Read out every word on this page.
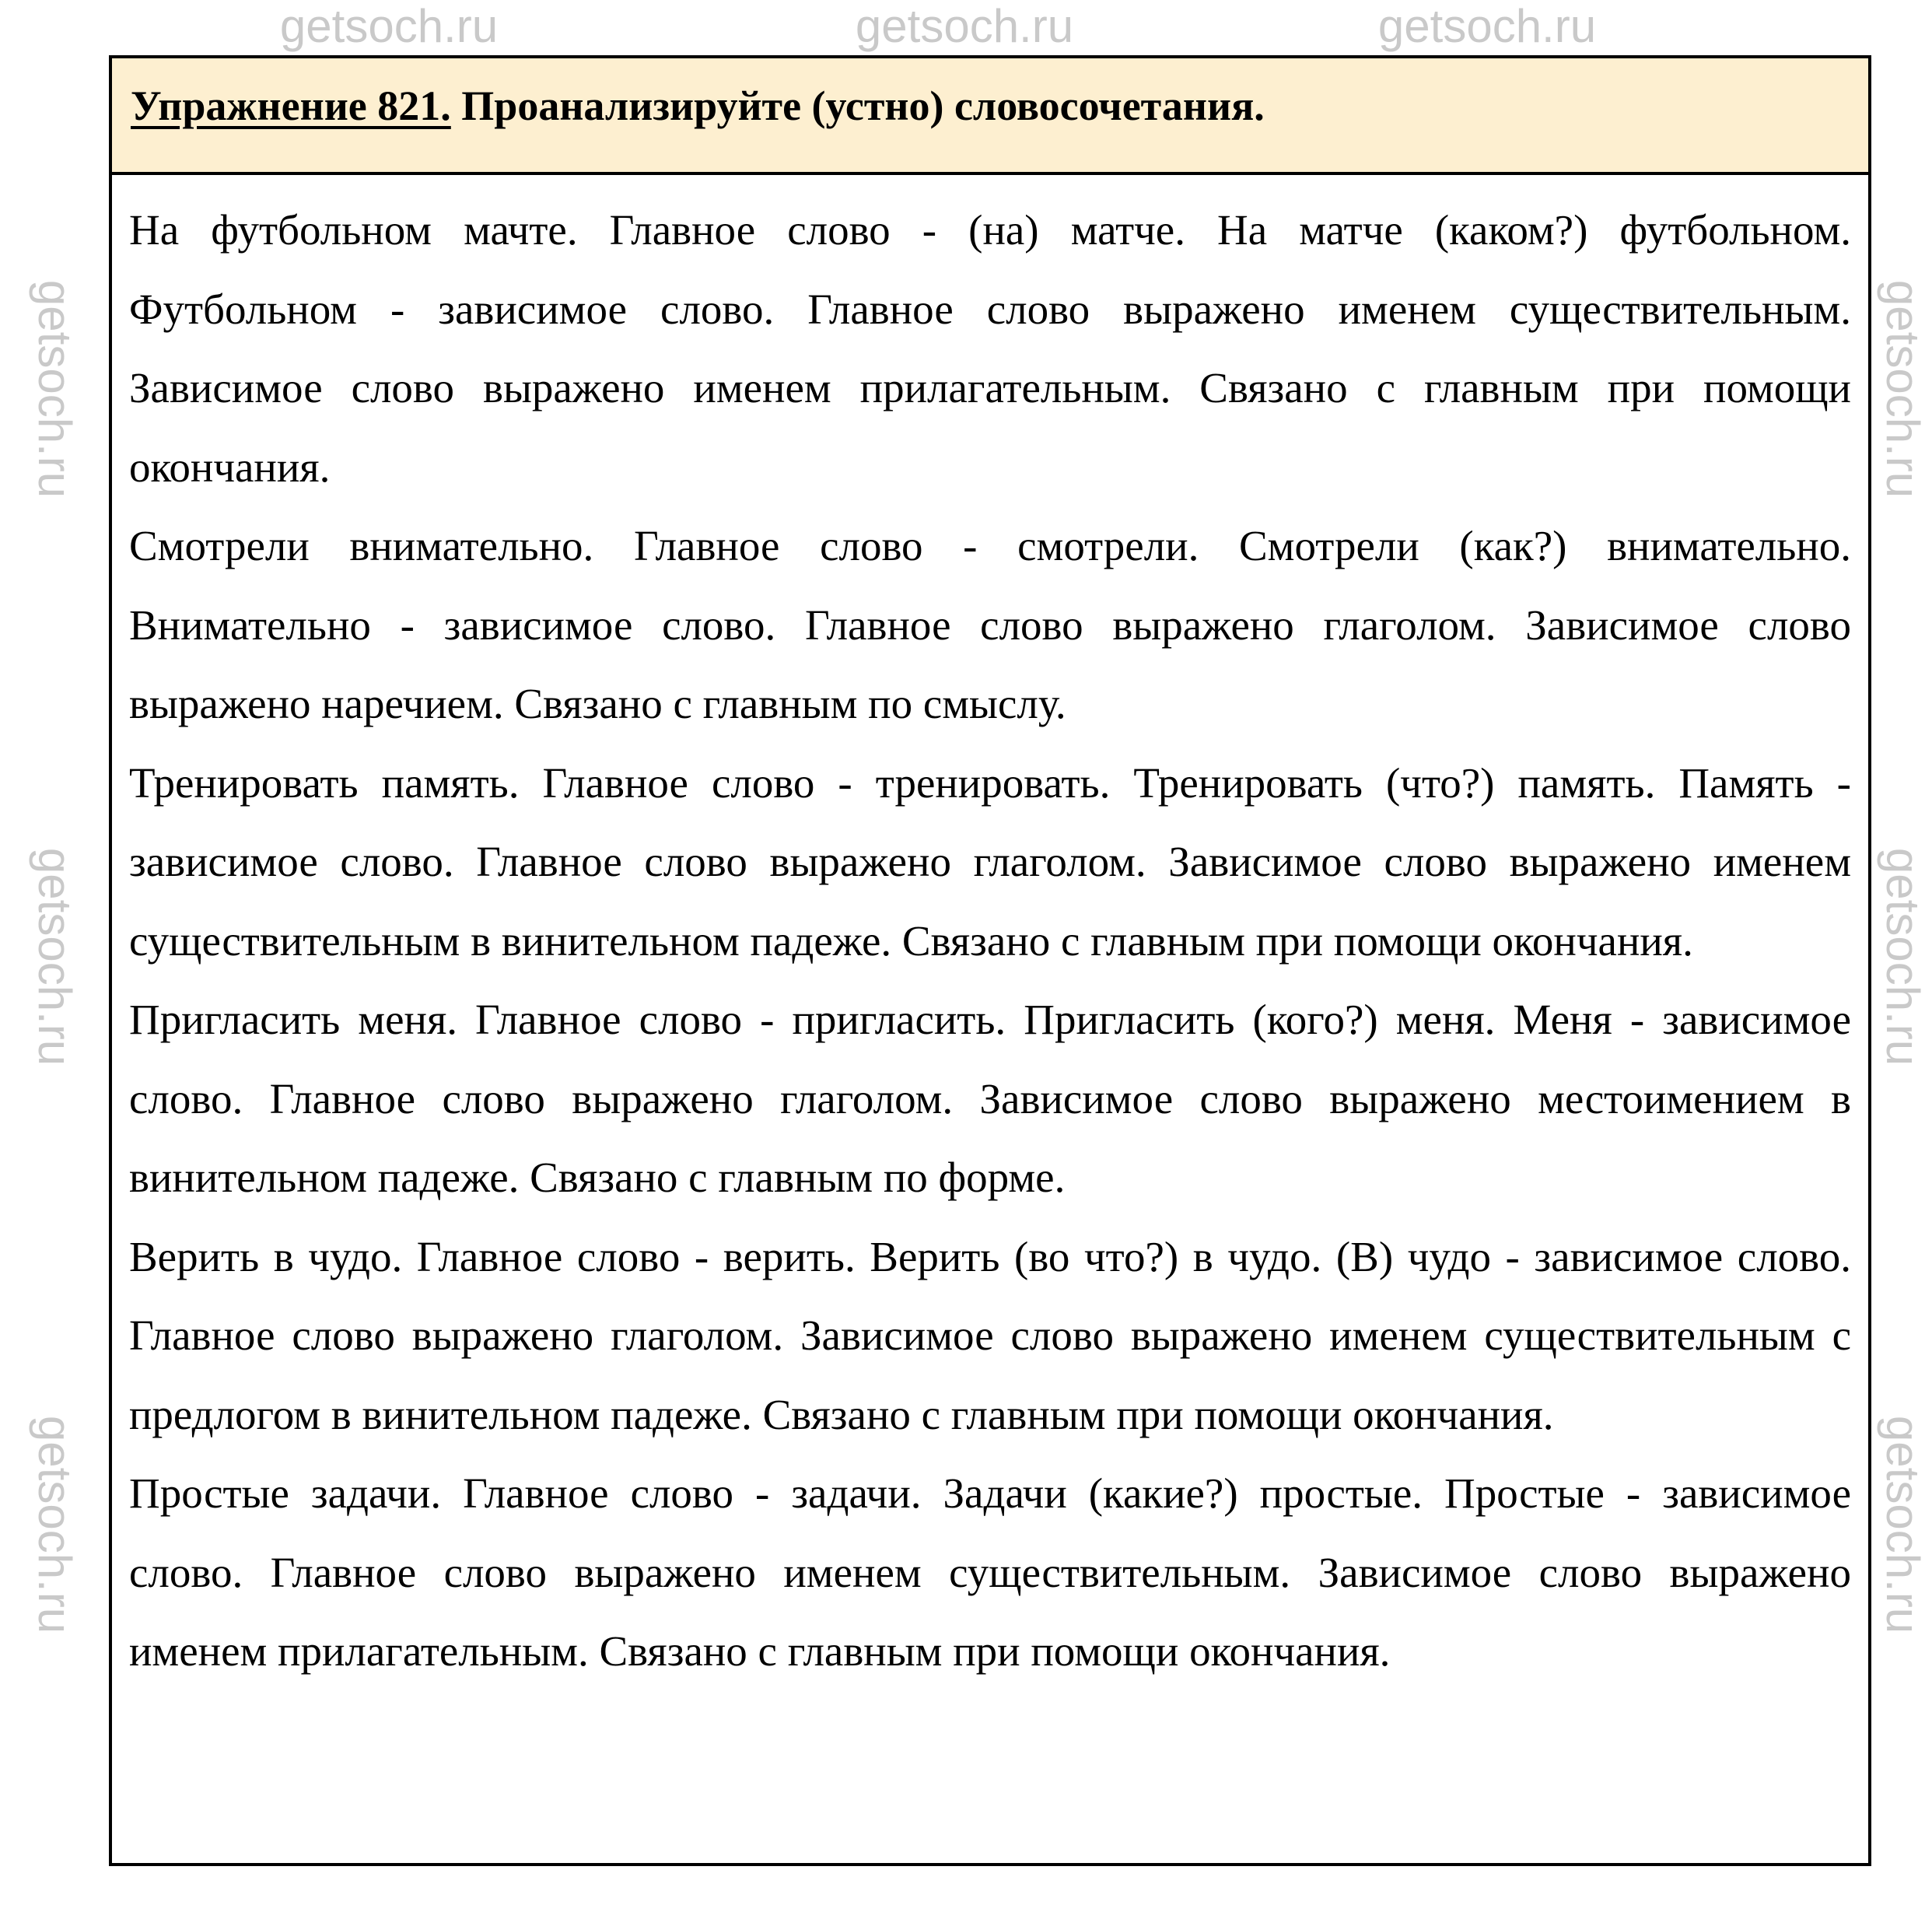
Упражнение 821. Проанализируйте (устно) словосочетания.

На футбольном мачте. Главное слово - (на) матче. На матче (каком?) футбольном. Футбольном - зависимое слово. Главное слово выражено именем существительным. Зависимое слово выражено именем прилагательным. Связано с главным при помощи окончания.

Смотрели внимательно. Главное слово - смотрели. Смотрели (как?) внимательно. Внимательно - зависимое слово. Главное слово выражено глаголом. Зависимое слово выражено наречием. Связано с главным по смыслу.

Тренировать память. Главное слово - тренировать. Тренировать (что?) память. Память - зависимое слово. Главное слово выражено глаголом. Зависимое слово выражено именем существительным в винительном падеже. Связано с главным при помощи окончания.

Пригласить меня. Главное слово - пригласить. Пригласить (кого?) меня. Меня - зависимое слово. Главное слово выражено глаголом. Зависимое слово выражено местоимением в винительном падеже. Связано с главным по форме.

Верить в чудо. Главное слово - верить. Верить (во что?) в чудо. (В) чудо - зависимое слово. Главное слово выражено глаголом. Зависимое слово выражено именем существительным с предлогом в винительном падеже. Связано с главным при помощи окончания.

Простые задачи. Главное слово - задачи. Задачи (какие?) простые. Простые - зависимое слово. Главное слово выражено именем существительным. Зависимое слово выражено именем прилагательным. Связано с главным при помощи окончания.

getsoch.ru	getsoch.ru	getsoch.ru
getsoch.ru
getsoch.ru
getsoch.ru
getsoch.ru
getsoch.ru
getsoch.ru
